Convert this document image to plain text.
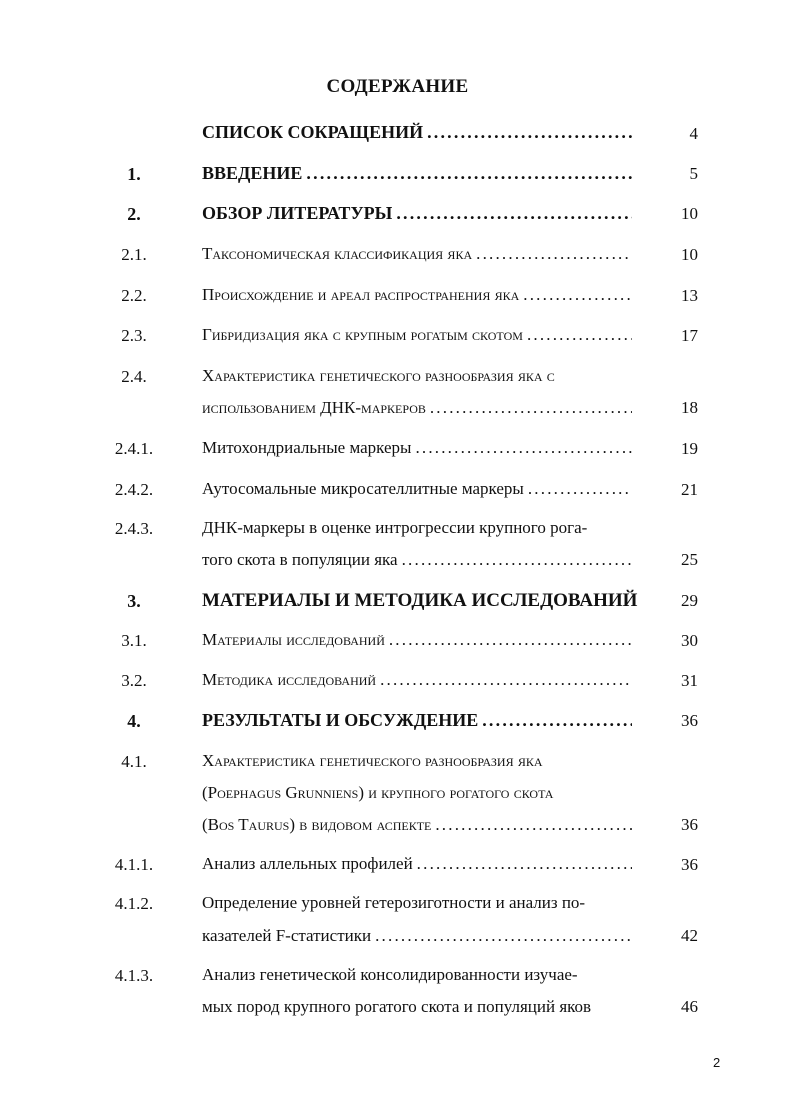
СОДЕРЖАНИЕ
СПИСОК СОКРАЩЕНИЙ .....	4
1.	ВВЕДЕНИЕ .....	5
2.	ОБЗОР ЛИТЕРАТУРЫ .....	10
2.1.	Таксономическая классификация яка .....	10
2.2.	Происхождение и ареал распространения яка .....	13
2.3.	Гибридизация яка с крупным рогатым скотом .....	17
2.4.	Характеристика генетического разнообразия яка с
использованием ДНК-маркеров .....	18
2.4.1.	Митохондриальные маркеры .....	19
2.4.2.	Аутосомальные микросателлитные маркеры .....	21
2.4.3.	ДНК-маркеры в оценке интрогрессии крупного рога-
того скота в популяции яка .....	25
3.	МАТЕРИАЛЫ И МЕТОДИКА ИССЛЕДОВАНИЙ	29
3.1.	Материалы исследований .....	30
3.2.	Методика исследований .....	31
4.	РЕЗУЛЬТАТЫ И ОБСУЖДЕНИЕ .....	36
4.1.	Характеристика генетического разнообразия яка
(Poephagus Grunniens) и крупного рогатого скота
(Bos Taurus) в видовом аспекте .....	36
4.1.1.	Анализ аллельных профилей .....	36
4.1.2.	Определение уровней гетерозиготности и анализ по-
казателей F-статистики .....	42
4.1.3.	Анализ генетической консолидированности изучае-
мых пород крупного рогатого скота и популяций яков	46
2
